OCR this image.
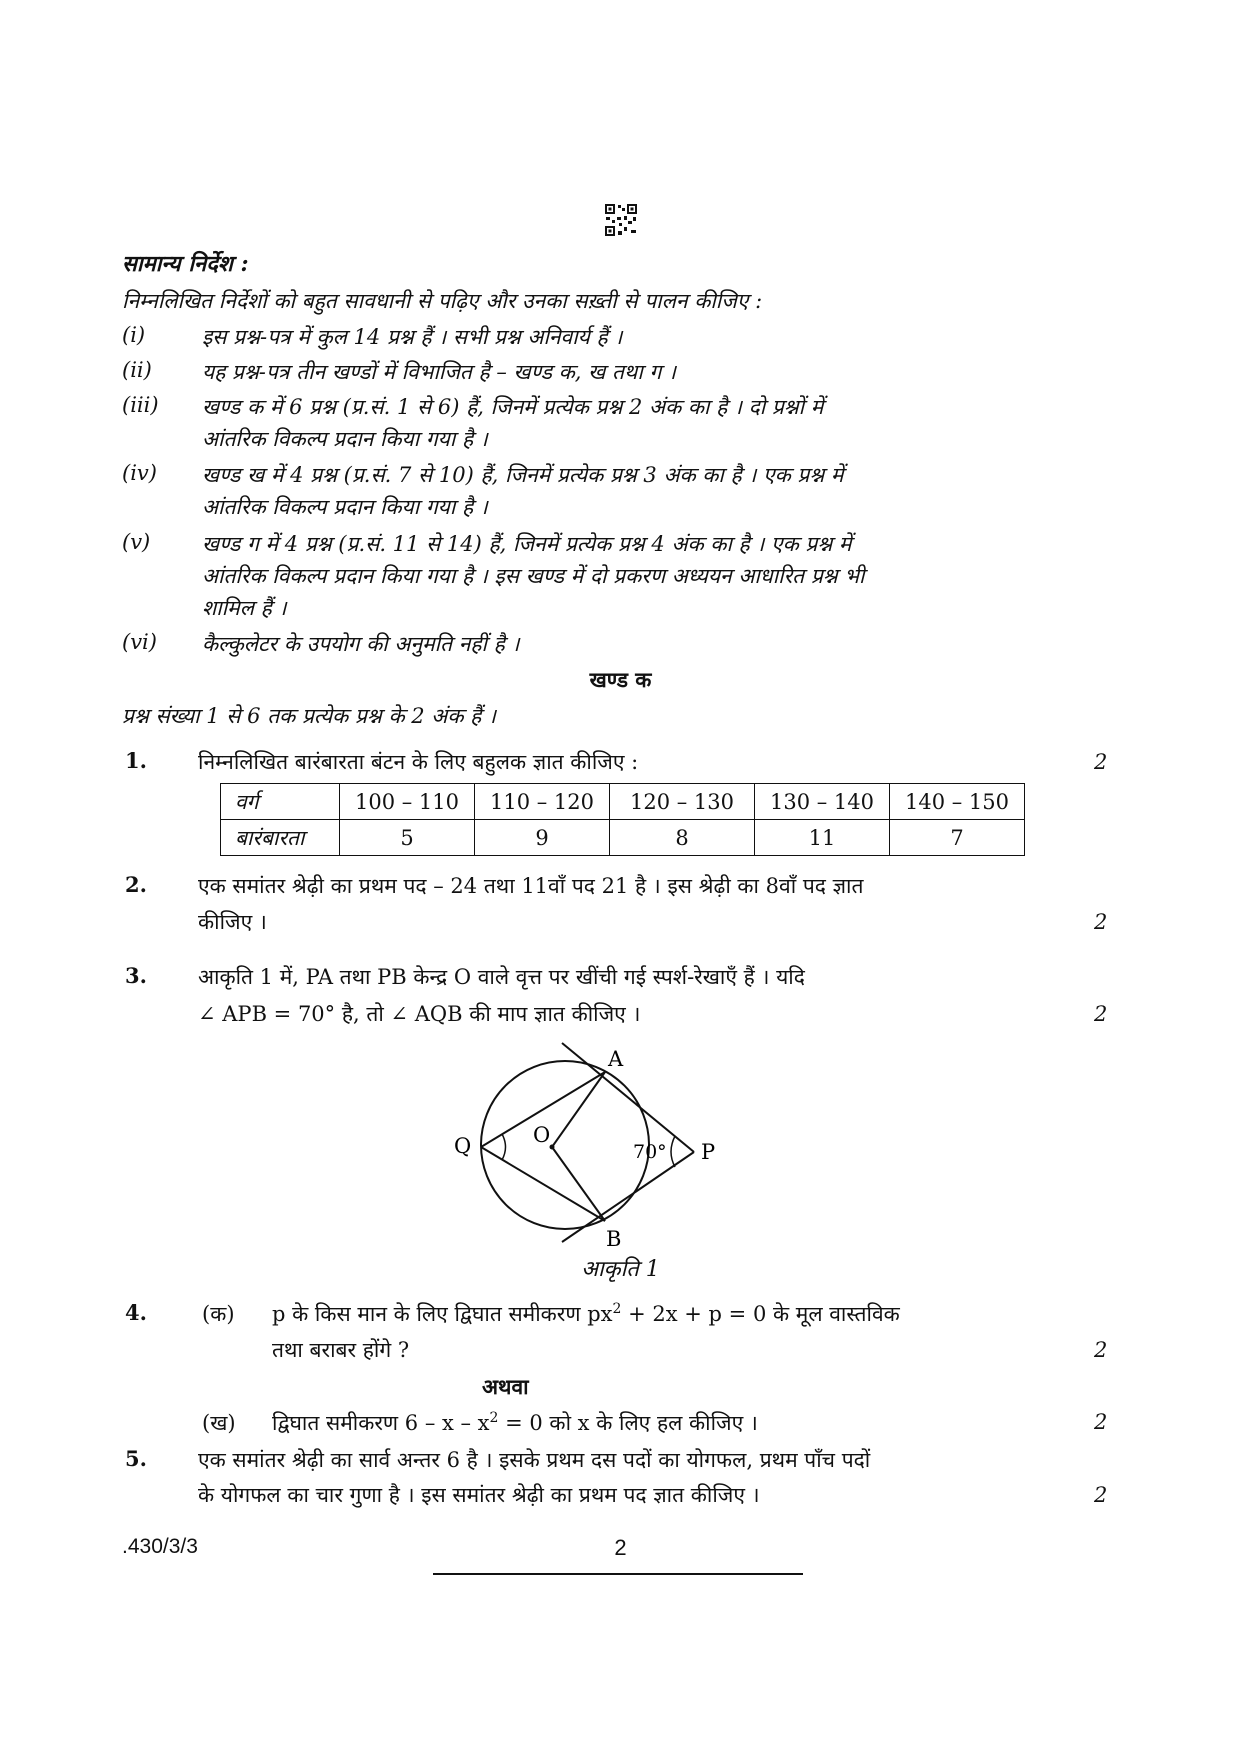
सामान्य निर्देश :
निम्नलिखित निर्देशों को बहुत सावधानी से पढ़िए और उनका सख़्ती से पालन कीजिए :
(i)	इस प्रश्न-पत्र में कुल 14 प्रश्न हैं । सभी प्रश्न अनिवार्य हैं ।
(ii) यह प्रश्न-पत्र तीन खण्डों में विभाजित है – खण्ड क, ख तथा ग ।
(iii) खण्ड क में 6 प्रश्न (प्र.सं. 1 से 6) हैं, जिनमें प्रत्येक प्रश्न 2 अंक का है । दो प्रश्नों में
आंतरिक विकल्प प्रदान किया गया है ।
(iv) खण्ड ख में 4 प्रश्न (प्र.सं. 7 से 10) हैं, जिनमें प्रत्येक प्रश्न 3 अंक का है । एक प्रश्न में
आंतरिक विकल्प प्रदान किया गया है ।
(v) खण्ड ग में 4 प्रश्न (प्र.सं. 11 से 14) हैं, जिनमें प्रत्येक प्रश्न 4 अंक का है । एक प्रश्न में
आंतरिक विकल्प प्रदान किया गया है । इस खण्ड में दो प्रकरण अध्ययन आधारित प्रश्न भी
शामिल हैं ।
(vi) कैल्कुलेटर के उपयोग की अनुमति नहीं है ।
खण्ड क
प्रश्न संख्या 1 से 6 तक प्रत्येक प्रश्न के 2 अंक हैं ।
1. निम्नलिखित बारंबारता बंटन के लिए बहुलक ज्ञात कीजिए :	2
वर्ग	100 – 110	110 – 120	120 – 130	130 – 140	140 – 150
बारंबारता	5	9	8	11	7
2. एक समांतर श्रेढ़ी का प्रथम पद – 24 तथा 11वाँ पद 21 है । इस श्रेढ़ी का 8वाँ पद ज्ञात
कीजिए ।	2
3. आकृति 1 में, PA तथा PB केन्द्र O वाले वृत्त पर खींची गई स्पर्श-रेखाएँ हैं । यदि
∠ APB = 70° है, तो ∠ AQB की माप ज्ञात कीजिए ।	2
A
B
O
P
Q	70°
आकृति 1
4.	(क) p के किस मान के लिए द्विघात समीकरण $px^2 + 2x + p = 0$ के मूल वास्तविक
तथा बराबर होंगे ?	2
अथवा
(ख) द्विघात समीकरण $6 - x - x^2 = 0$ को x के लिए हल कीजिए ।	2
5. एक समांतर श्रेढ़ी का सार्व अन्तर 6 है । इसके प्रथम दस पदों का योगफल, प्रथम पाँच पदों
के योगफल का चार गुणा है । इस समांतर श्रेढ़ी का प्रथम पद ज्ञात कीजिए ।	2
.430/3/3	2
